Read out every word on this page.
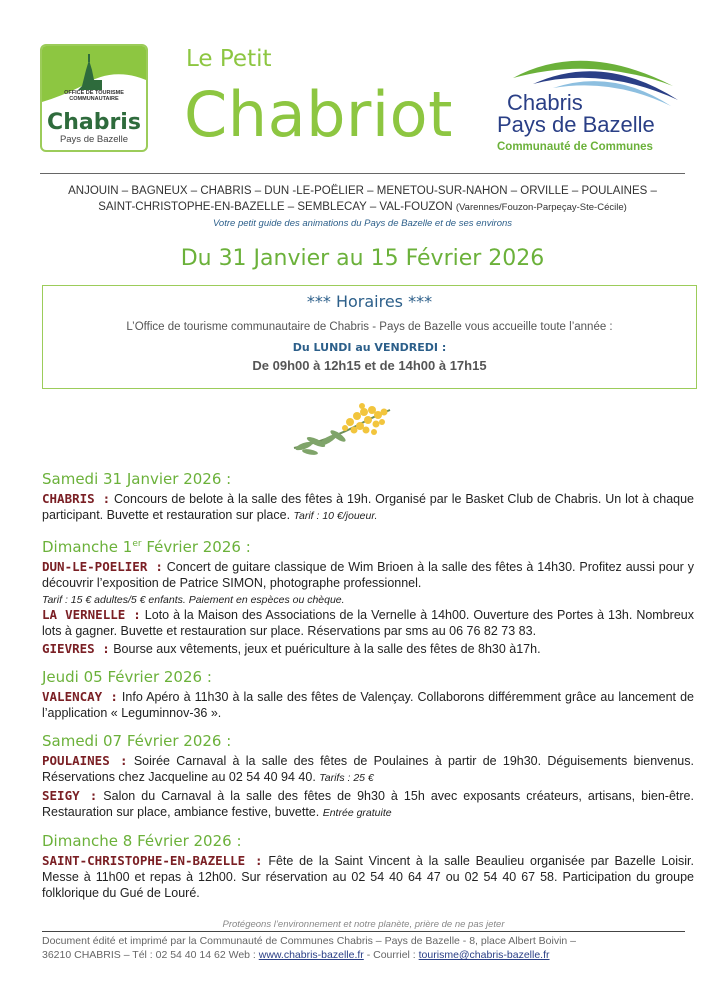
OFFICE DE TOURISME COMMUNAUTAIRE
Chabris
Pays de Bazelle
Le Petit
Chabriot Chabris
Pays de Bazelle
Communauté de Communes
ANJOUIN – BAGNEUX – CHABRIS – DUN -LE-POËLIER – MENETOU-SUR-NAHON – ORVILLE – POULAINES –
SAINT-CHRISTOPHE-EN-BAZELLE – SEMBLECAY – VAL-FOUZON (Varennes/Fouzon-Parpeçay-Ste-Cécile)
Votre petit guide des animations du Pays de Bazelle et de ses environs
Du 31 Janvier au 15 Février 2026
*** Horaires ***
L’Office de tourisme communautaire de Chabris - Pays de Bazelle vous accueille toute l’année :
Du LUNDI au VENDREDI :
De 09h00 à 12h15 et de 14h00 à 17h15
Samedi 31 Janvier 2026 :
CHABRIS : Concours de belote à la salle des fêtes à 19h. Organisé par le Basket Club de Chabris. Un lot à chaque participant. Buvette et restauration sur place. Tarif : 10 €/joueur.
Dimanche 1er Février 2026 :
DUN-LE-POELIER : Concert de guitare classique de Wim Brioen à la salle des fêtes à 14h30. Profitez aussi pour y découvrir l’exposition de Patrice SIMON, photographe professionnel.
Tarif : 15 € adultes/5 € enfants. Paiement en espèces ou chèque.
LA VERNELLE : Loto à la Maison des Associations de la Vernelle à 14h00. Ouverture des Portes à 13h. Nombreux lots à gagner. Buvette et restauration sur place. Réservations par sms au 06 76 82 73 83.
GIEVRES : Bourse aux vêtements, jeux et puériculture à la salle des fêtes de 8h30 à17h.
Jeudi 05 Février 2026 :
VALENCAY : Info Apéro à 11h30 à la salle des fêtes de Valençay. Collaborons différemment grâce au lancement de l’application « Leguminnov-36 ».
Samedi 07 Février 2026 :
POULAINES : Soirée Carnaval à la salle des fêtes de Poulaines à partir de 19h30. Déguisements bienvenus. Réservations chez Jacqueline au 02 54 40 94 40. Tarifs : 25 €
SEIGY : Salon du Carnaval à la salle des fêtes de 9h30 à 15h avec exposants créateurs, artisans, bien-être. Restauration sur place, ambiance festive, buvette. Entrée gratuite
Dimanche 8 Février 2026 :
SAINT-CHRISTOPHE-EN-BAZELLE : Fête de la Saint Vincent à la salle Beaulieu organisée par Bazelle Loisir. Messe à 11h00 et repas à 12h00. Sur réservation au 02 54 40 64 47 ou 02 54 40 67 58. Participation du groupe folklorique du Gué de Louré.
Protégeons l’environnement et notre planète, prière de ne pas jeter
Document édité et imprimé par la Communauté de Communes Chabris – Pays de Bazelle - 8, place Albert Boivin –
36210 CHABRIS – Tél : 02 54 40 14 62 Web : www.chabris-bazelle.fr - Courriel : tourisme@chabris-bazelle.fr
